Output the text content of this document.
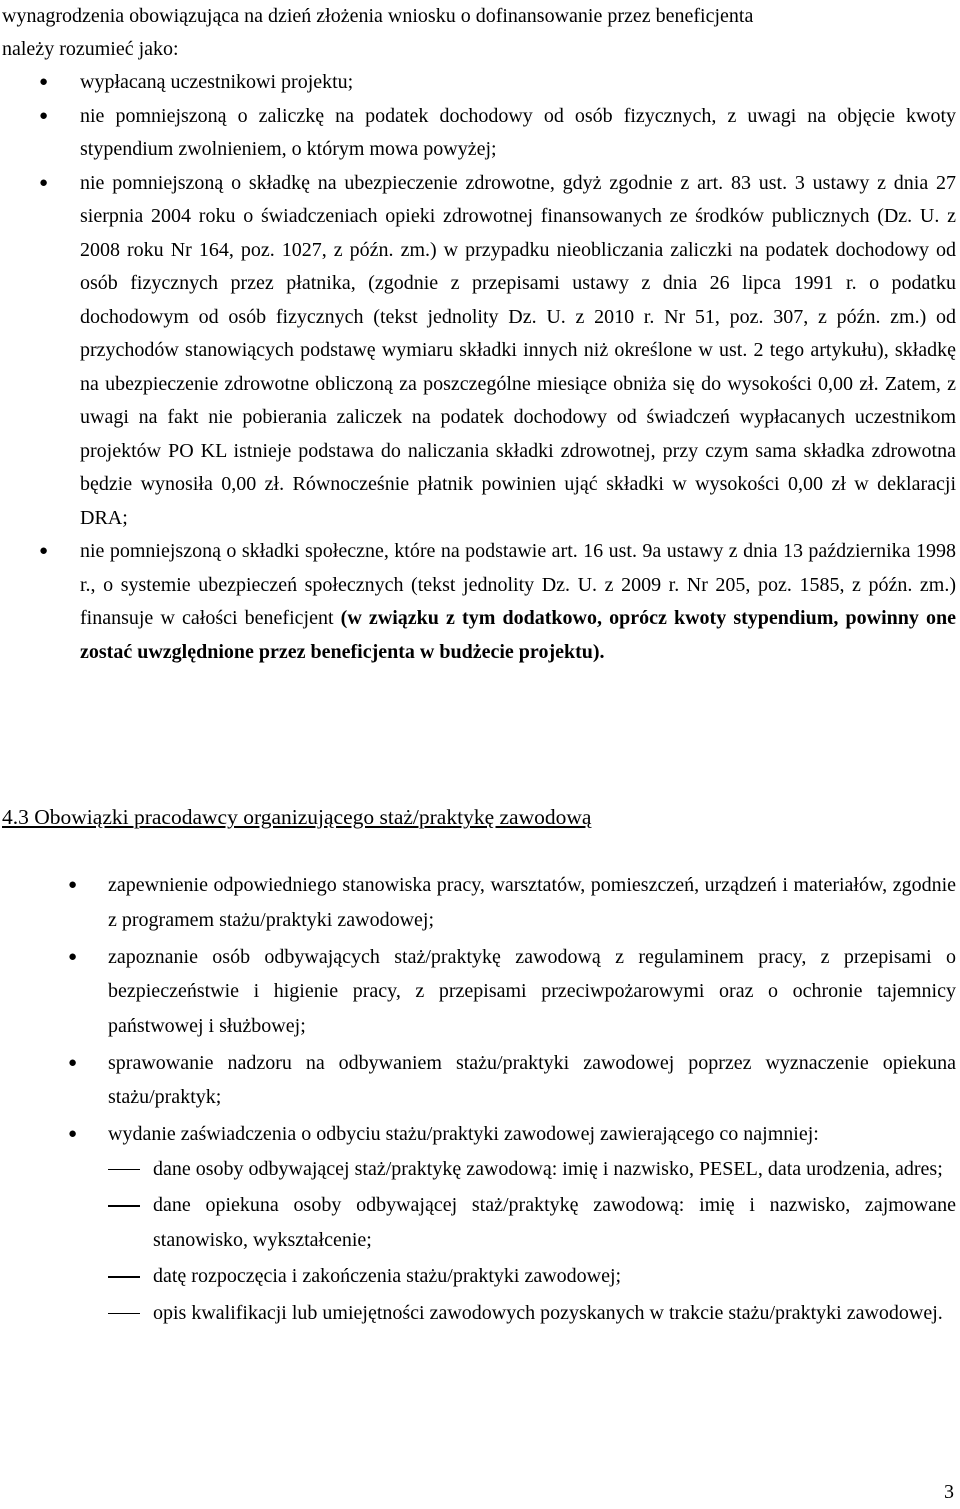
wynagrodzenia obowiązująca na dzień złożenia wniosku o dofinansowanie przez beneficjenta
należy rozumieć jako:
● wypłacaną uczestnikowi projektu;
● nie pomniejszoną o zaliczkę na podatek dochodowy od osób fizycznych, z uwagi na objęcie kwoty stypendium zwolnieniem, o którym mowa powyżej;
● nie pomniejszoną o składkę na ubezpieczenie zdrowotne, gdyż zgodnie z art. 83 ust. 3 ustawy z dnia 27 sierpnia 2004 roku o świadczeniach opieki zdrowotnej finansowanych ze środków publicznych (Dz. U. z 2008 roku Nr 164, poz. 1027, z późn. zm.) w przypadku nieobliczania zaliczki na podatek dochodowy od osób fizycznych przez płatnika, (zgodnie z przepisami ustawy z dnia 26 lipca 1991 r. o podatku dochodowym od osób fizycznych (tekst jednolity Dz. U. z 2010 r. Nr 51, poz. 307, z późn. zm.) od przychodów stanowiących podstawę wymiaru składki innych niż określone w ust. 2 tego artykułu), składkę na ubezpieczenie zdrowotne obliczoną za poszczególne miesiące obniża się do wysokości 0,00 zł. Zatem, z uwagi na fakt nie pobierania zaliczek na podatek dochodowy od świadczeń wypłacanych uczestnikom projektów PO KL istnieje podstawa do naliczania składki zdrowotnej, przy czym sama składka zdrowotna będzie wynosiła 0,00 zł. Równocześnie płatnik powinien ująć składki w wysokości 0,00 zł w deklaracji DRA;
● nie pomniejszoną o składki społeczne, które na podstawie art. 16 ust. 9a ustawy z dnia 13 października 1998 r., o systemie ubezpieczeń społecznych (tekst jednolity Dz. U. z 2009 r. Nr 205, poz. 1585, z późn. zm.) finansuje w całości beneficjent (w związku z tym dodatkowo, oprócz kwoty stypendium, powinny one zostać uwzględnione przez beneficjenta w budżecie projektu).
4.3 Obowiązki pracodawcy organizującego staż/praktykę zawodową
● zapewnienie odpowiedniego stanowiska pracy, warsztatów, pomieszczeń, urządzeń i materiałów, zgodnie z programem stażu/praktyki zawodowej;
● zapoznanie osób odbywających staż/praktykę zawodową z regulaminem pracy, z przepisami o bezpieczeństwie i higienie pracy, z przepisami przeciwpożarowymi oraz o ochronie tajemnicy państwowej i służbowej;
● sprawowanie nadzoru na odbywaniem stażu/praktyki zawodowej poprzez wyznaczenie opiekuna stażu/praktyk;
● wydanie zaświadczenia o odbyciu stażu/praktyki zawodowej zawierającego co najmniej:
dane osoby odbywającej staż/praktykę zawodową: imię i nazwisko, PESEL, data urodzenia, adres;
dane opiekuna osoby odbywającej staż/praktykę zawodową: imię i nazwisko, zajmowane stanowisko, wykształcenie;
datę rozpoczęcia i zakończenia stażu/praktyki zawodowej;
opis kwalifikacji lub umiejętności zawodowych pozyskanych w trakcie stażu/praktyki zawodowej.
3
